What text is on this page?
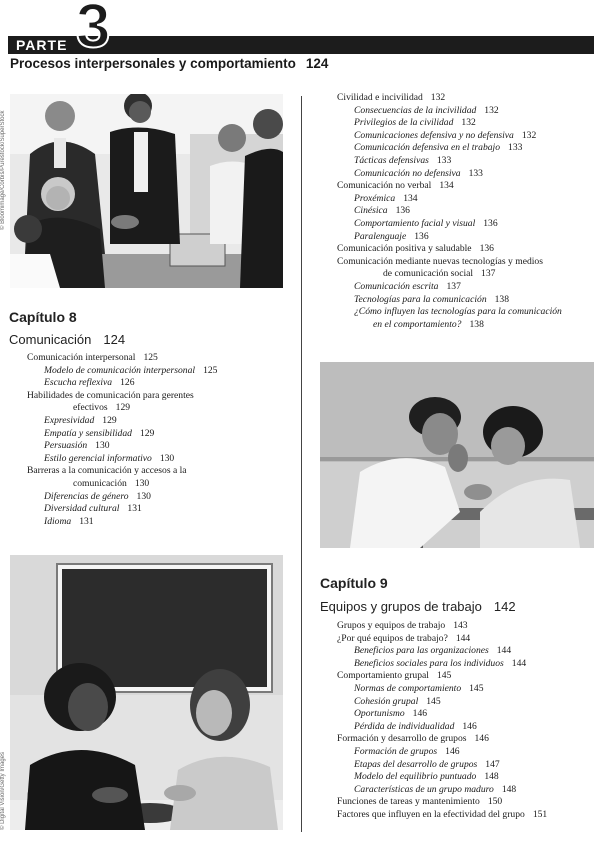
PARTE 3
Procesos interpersonales y comportamiento 124
© Bloomimage/Corbis/Purestock/SuperStock
Capítulo 8
Comunicación 124
Comunicación interpersonal 125
Modelo de comunicación interpersonal 125
Escucha reflexiva 126
Habilidades de comunicación para gerentes
efectivos 129
Expresividad 129
Empatía y sensibilidad 129
Persuasión 130
Estilo gerencial informativo 130
Barreras a la comunicación y accesos a la
comunicación 130
Diferencias de género 130
Diversidad cultural 131
Idioma 131
© Digital Vision/Getty Images
Civilidad e incivilidad 132
Consecuencias de la incivilidad 132
Privilegios de la civilidad 132
Comunicaciones defensiva y no defensiva 132
Comunicación defensiva en el trabajo 133
Tácticas defensivas 133
Comunicación no defensiva 133
Comunicación no verbal 134
Proxémica 134
Cinésica 136
Comportamiento facial y visual 136
Paralenguaje 136
Comunicación positiva y saludable 136
Comunicación mediante nuevas tecnologías y medios
de comunicación social 137
Comunicación escrita 137
Tecnologías para la comunicación 138
¿Cómo influyen las tecnologías para la comunicación
en el comportamiento? 138
Capítulo 9
Equipos y grupos de trabajo 142
Grupos y equipos de trabajo 143
¿Por qué equipos de trabajo? 144
Beneficios para las organizaciones 144
Beneficios sociales para los individuos 144
Comportamiento grupal 145
Normas de comportamiento 145
Cohesión grupal 145
Oportunismo 146
Pérdida de individualidad 146
Formación y desarrollo de grupos 146
Formación de grupos 146
Etapas del desarrollo de grupos 147
Modelo del equilibrio puntuado 148
Características de un grupo maduro 148
Funciones de tareas y mantenimiento 150
Factores que influyen en la efectividad del grupo 151
